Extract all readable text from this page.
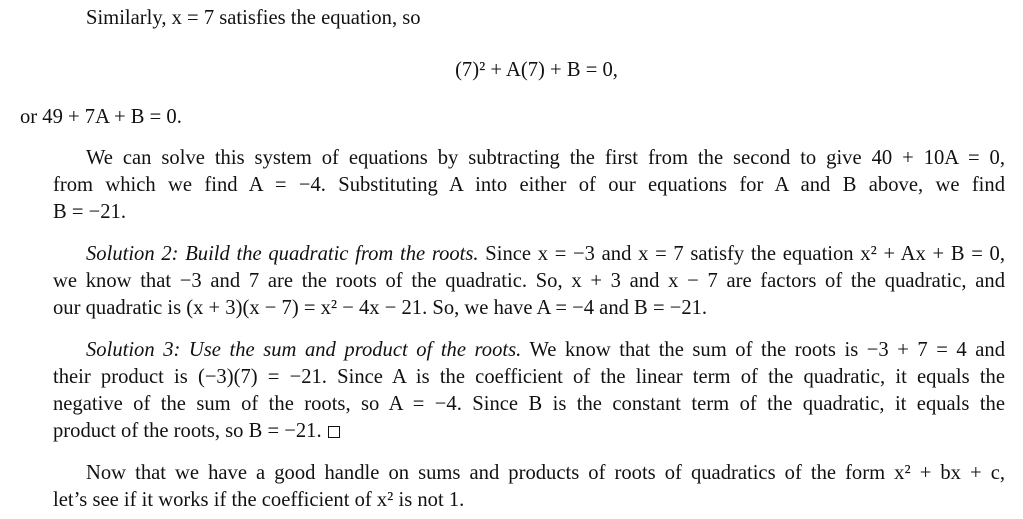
Similarly, x = 7 satisfies the equation, so
(7)² + A(7) + B = 0,
or 49 + 7A + B = 0.
We can solve this system of equations by subtracting the first from the second to give 40 + 10A = 0,
from which we find A = −4. Substituting A into either of our equations for A and B above, we find
B = −21.
Solution 2: Build the quadratic from the roots. Since x = −3 and x = 7 satisfy the equation x² + Ax + B = 0,
we know that −3 and 7 are the roots of the quadratic. So, x + 3 and x − 7 are factors of the quadratic, and
our quadratic is (x + 3)(x − 7) = x² − 4x − 21. So, we have A = −4 and B = −21.
Solution 3: Use the sum and product of the roots. We know that the sum of the roots is −3 + 7 = 4 and
their product is (−3)(7) = −21. Since A is the coefficient of the linear term of the quadratic, it equals the
negative of the sum of the roots, so A = −4. Since B is the constant term of the quadratic, it equals the
product of the roots, so B = −21.
Now that we have a good handle on sums and products of roots of quadratics of the form x² + bx + c,
let’s see if it works if the coefficient of x² is not 1.
